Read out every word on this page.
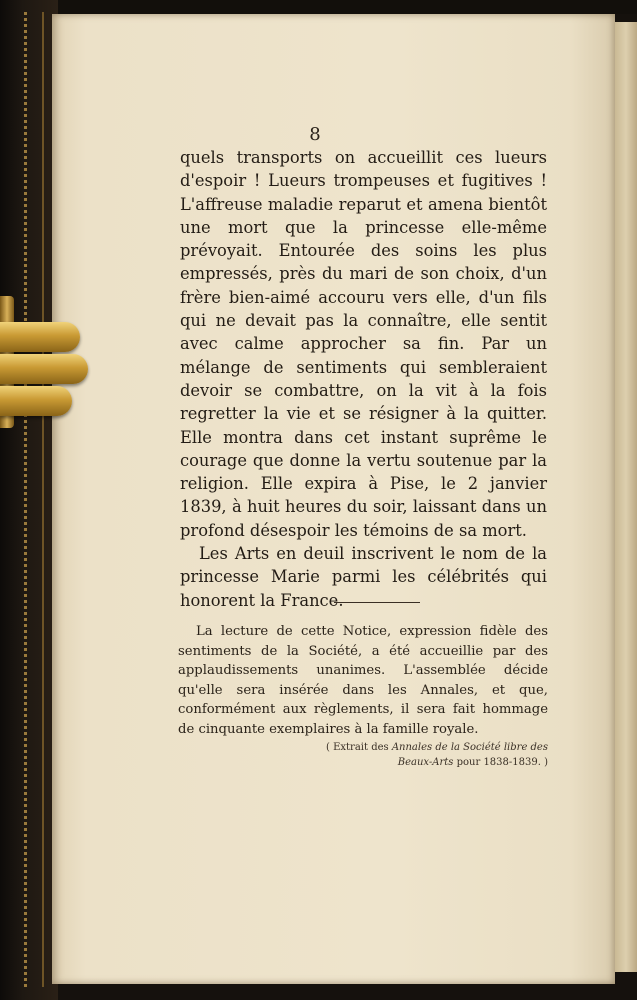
8

quels transports on accueillit ces lueurs d'espoir ! Lueurs trompeuses et fugitives ! L'affreuse maladie reparut et amena bientôt une mort que la princesse elle-même prévoyait. Entourée des soins les plus empressés, près du mari de son choix, d'un frère bien-aimé accouru vers elle, d'un fils qui ne devait pas la connaître, elle sentit avec calme approcher sa fin. Par un mélange de sentiments qui sembleraient devoir se combattre, on la vit à la fois regretter la vie et se résigner à la quitter. Elle montra dans cet instant suprême le courage que donne la vertu soutenue par la religion. Elle expira à Pise, le 2 janvier 1839, à huit heures du soir, laissant dans un profond désespoir les témoins de sa mort.

Les Arts en deuil inscrivent le nom de la princesse Marie parmi les célébrités qui honorent la France.

La lecture de cette Notice, expression fidèle des sentiments de la Société, a été accueillie par des applaudissements unanimes. L'assemblée décide qu'elle sera insérée dans les Annales, et que, conformément aux règlements, il sera fait hommage de cinquante exemplaires à la famille royale.

( Extrait des Annales de la Société libre des Beaux-Arts pour 1838-1839. )
